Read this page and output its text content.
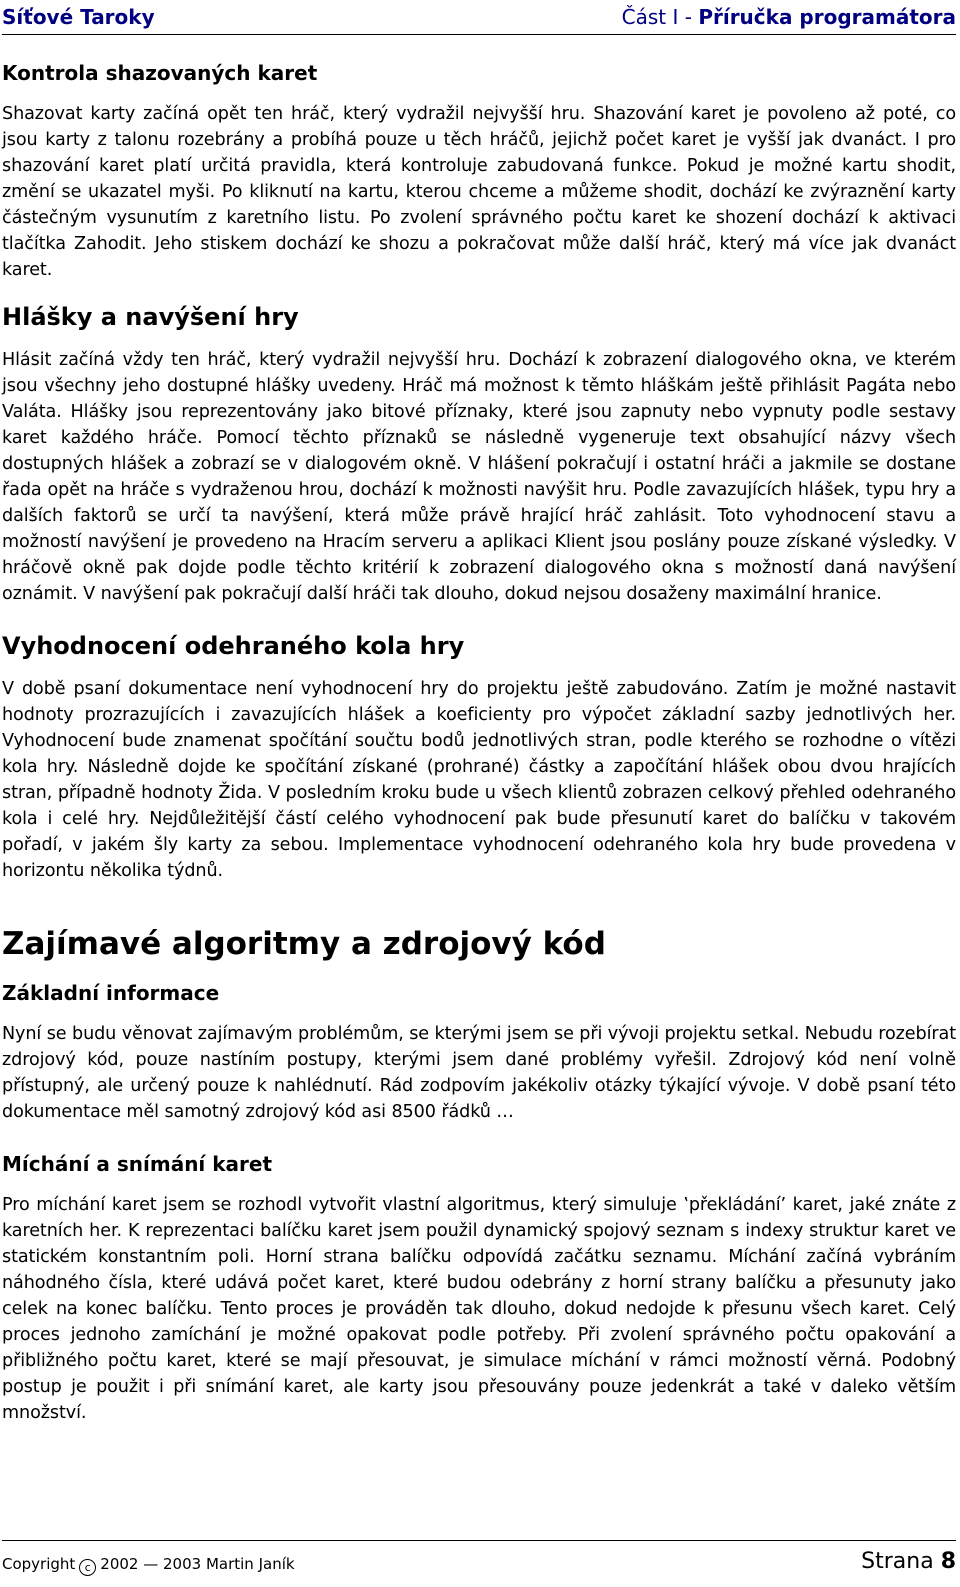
Síťové Taroky	Část I - Příručka programátora
Kontrola shazovaných karet

Shazovat karty začíná opět ten hráč, který vydražil nejvyšší hru. Shazování karet je povoleno až poté, co jsou karty z talonu rozebrány a probíhá pouze u těch hráčů, jejichž počet karet je vyšší jak dvanáct. I pro shazování karet platí určitá pravidla, která kontroluje zabudovaná funkce. Pokud je možné kartu shodit, změní se ukazatel myši. Po kliknutí na kartu, kterou chceme a můžeme shodit, dochází ke zvýraznění karty částečným vysunutím z karetního listu. Po zvolení správného počtu karet ke shození dochází k aktivaci tlačítka Zahodit. Jeho stiskem dochází ke shozu a pokračovat může další hráč, který má více jak dvanáct karet.

Hlášky a navýšení hry

Hlásit začíná vždy ten hráč, který vydražil nejvyšší hru. Dochází k zobrazení dialogového okna, ve kterém jsou všechny jeho dostupné hlášky uvedeny. Hráč má možnost k těmto hláškám ještě přihlásit Pagáta nebo Valáta. Hlášky jsou reprezentovány jako bitové příznaky, které jsou zapnuty nebo vypnuty podle sestavy karet každého hráče. Pomocí těchto příznaků se následně vygeneruje text obsahující názvy všech dostupných hlášek a zobrazí se v dialogovém okně. V hlášení pokračují i ostatní hráči a jakmile se dostane řada opět na hráče s vydraženou hrou, dochází k možnosti navýšit hru. Podle zavazujících hlášek, typu hry a dalších faktorů se určí ta navýšení, která může právě hrající hráč zahlásit. Toto vyhodnocení stavu a možností navýšení je provedeno na Hracím serveru a aplikaci Klient jsou poslány pouze získané výsledky. V hráčově okně pak dojde podle těchto kritérií k zobrazení dialogového okna s možností daná navýšení oznámit. V navýšení pak pokračují další hráči tak dlouho, dokud nejsou dosaženy maximální hranice.

Vyhodnocení odehraného kola hry

V době psaní dokumentace není vyhodnocení hry do projektu ještě zabudováno. Zatím je možné nastavit hodnoty prozrazujících i zavazujících hlášek a koeficienty pro výpočet základní sazby jednotlivých her. Vyhodnocení bude znamenat spočítání součtu bodů jednotlivých stran, podle kterého se rozhodne o vítězi kola hry. Následně dojde ke spočítání získané (prohrané) částky a započítání hlášek obou dvou hrajících stran, případně hodnoty Žida. V posledním kroku bude u všech klientů zobrazen celkový přehled odehraného kola i celé hry. Nejdůležitější částí celého vyhodnocení pak bude přesunutí karet do balíčku v takovém pořadí, v jakém šly karty za sebou. Implementace vyhodnocení odehraného kola hry bude provedena v horizontu několika týdnů.

Zajímavé algoritmy a zdrojový kód
Základní informace

Nyní se budu věnovat zajímavým problémům, se kterými jsem se při vývoji projektu setkal. Nebudu rozebírat zdrojový kód, pouze nastíním postupy, kterými jsem dané problémy vyřešil. Zdrojový kód není volně přístupný, ale určený pouze k nahlédnutí. Rád zodpovím jakékoliv otázky týkající vývoje. V době psaní této dokumentace měl samotný zdrojový kód asi 8500 řádků …

Míchání a snímání karet

Pro míchání karet jsem se rozhodl vytvořit vlastní algoritmus, který simuluje ‛překládání’ karet, jaké znáte z karetních her. K reprezentaci balíčku karet jsem použil dynamický spojový seznam s indexy struktur karet ve statickém konstantním poli. Horní strana balíčku odpovídá začátku seznamu. Míchání začíná vybráním náhodného čísla, které udává počet karet, které budou odebrány z horní strany balíčku a přesunuty jako celek na konec balíčku. Tento proces je prováděn tak dlouho, dokud nedojde k přesunu všech karet. Celý proces jednoho zamíchání je možné opakovat podle potřeby. Při zvolení správného počtu opakování a přibližného počtu karet, které se mají přesouvat, je simulace míchání v rámci možností věrná. Podobný postup je použit i při snímání karet, ale karty jsou přesouvány pouze jedenkrát a také v daleko větším množství.

Copyright c 2002 — 2003 Martin Janík	Strana 8
